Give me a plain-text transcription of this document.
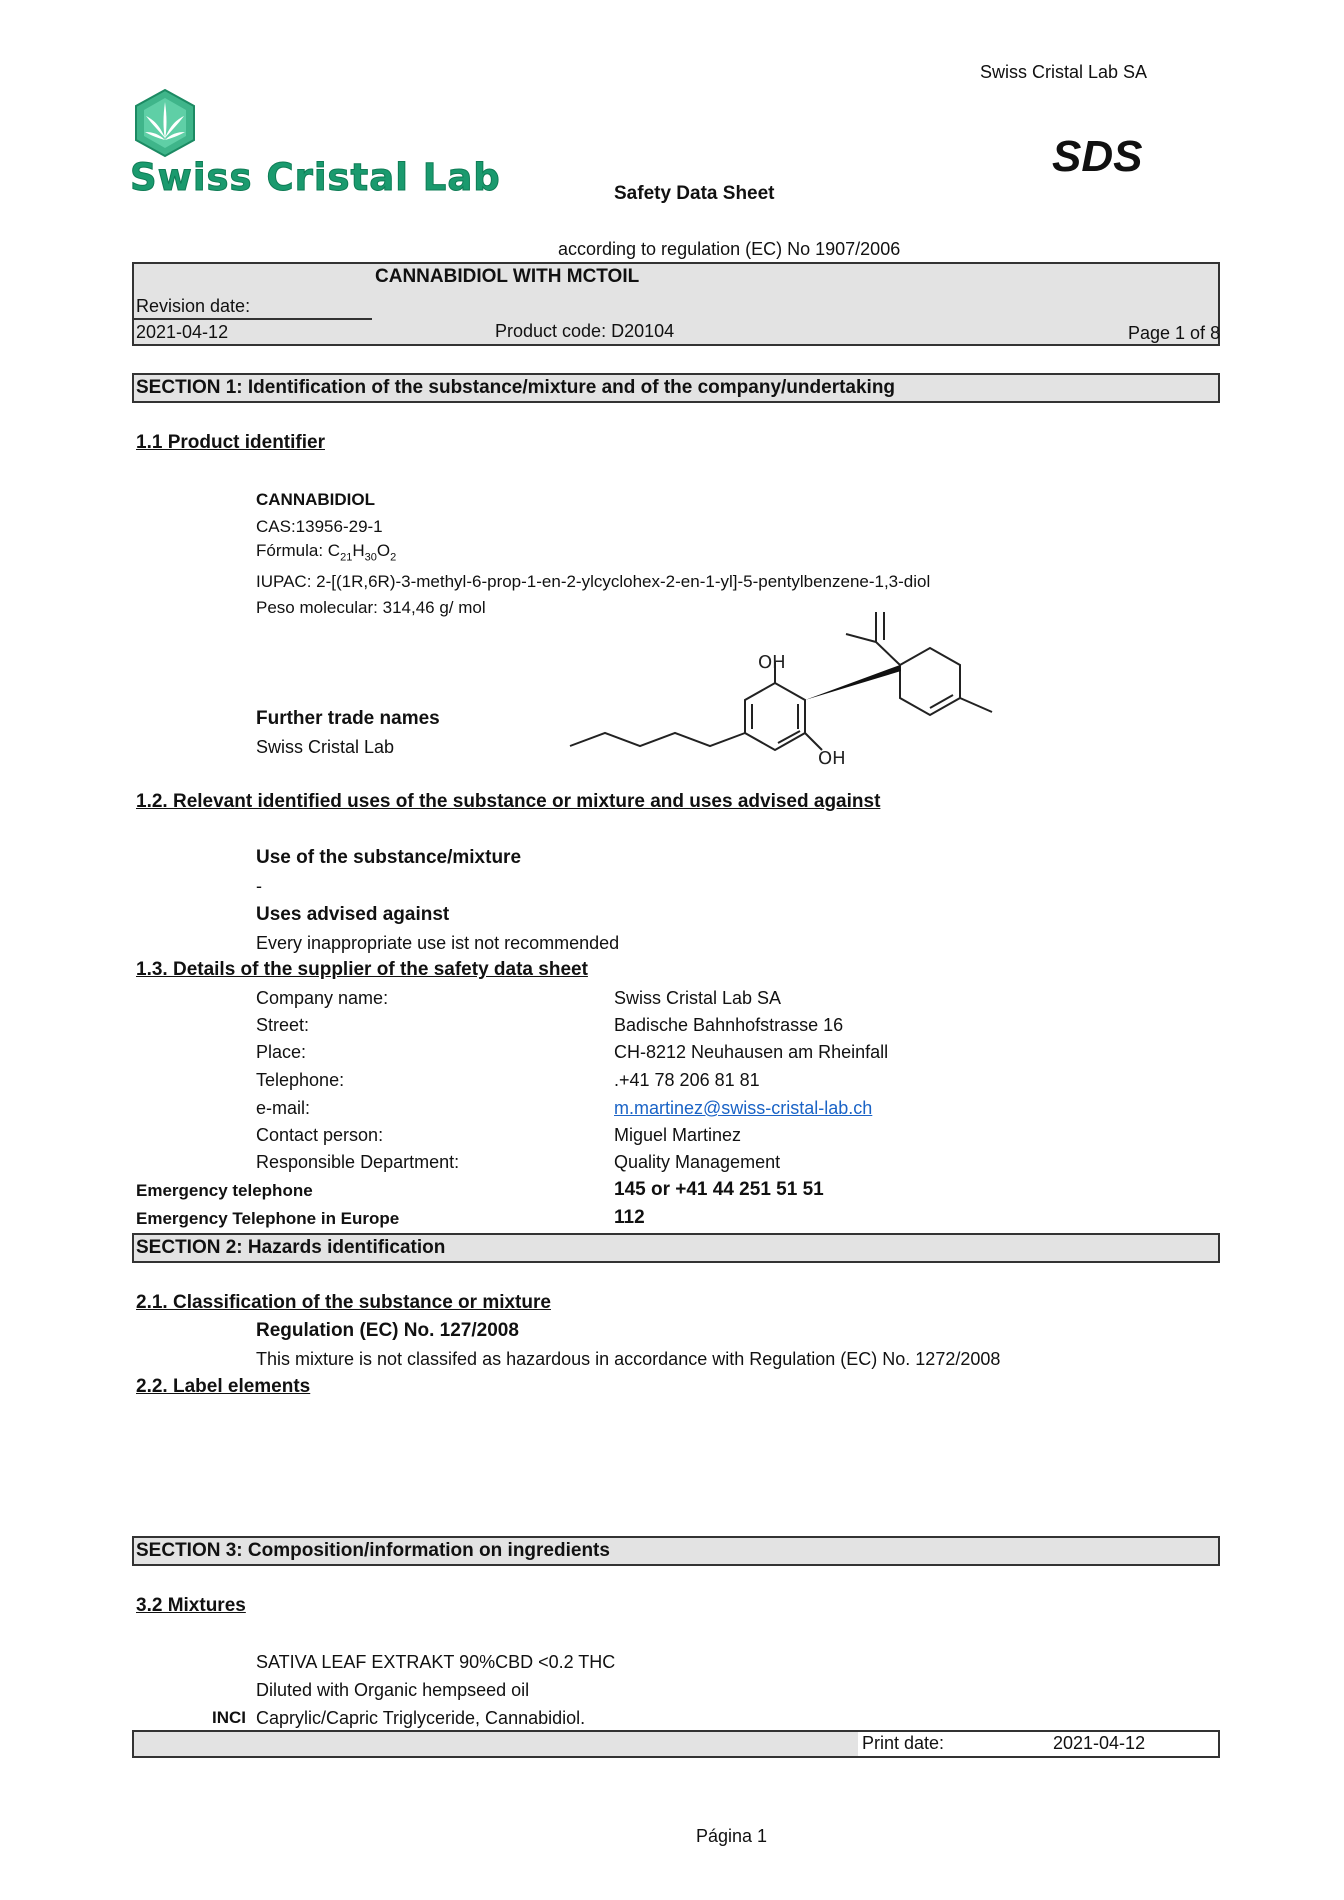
Swiss Cristal Lab SA
Swiss Cristal Lab	SDS
Safety Data Sheet
according to regulation (EC) No 1907/2006
CANNABIDIOL WITH MCTOIL
Revision date:
2021-04-12	Product code: D20104	Page 1 of 8
SECTION 1: Identification of the substance/mixture and of the company/undertaking
1.1 Product identifier
CANNABIDIOL
CAS:13956-29-1
Fórmula: $C_{21}H_{30}O_2$
IUPAC: 2-[(1R,6R)-3-methyl-6-prop-1-en-2-ylcyclohex-2-en-1-yl]-5-pentylbenzene-1,3-diol
Peso molecular: 314,46 g/ mol
OH
OH
Further trade names
Swiss Cristal Lab
1.2. Relevant identified uses of the substance or mixture and uses advised against
Use of the substance/mixture
-
Uses advised against
Every inappropriate use ist not recommended
1.3. Details of the supplier of the safety data sheet
Company name:	Swiss Cristal Lab SA
Street:	Badische Bahnhofstrasse 16
Place:	CH-8212 Neuhausen am Rheinfall
Telephone:	.+41 78 206 81 81
e-mail:	m.martinez@swiss-cristal-lab.ch
Contact person:	Miguel Martinez
Responsible Department:	Quality Management
Emergency telephone	145 or +41 44 251 51 51
Emergency Telephone in Europe	112
SECTION 2: Hazards identification
2.1. Classification of the substance or mixture
Regulation (EC) No. 127/2008
This mixture is not classifed as hazardous in accordance with Regulation (EC) No. 1272/2008
2.2. Label elements
SECTION 3: Composition/information on ingredients
3.2 Mixtures
SATIVA LEAF EXTRAKT 90%CBD <0.2 THC
Diluted with Organic hempseed oil
INCI Caprylic/Capric Triglyceride, Cannabidiol.
Print date:	2021-04-12
Página 1
